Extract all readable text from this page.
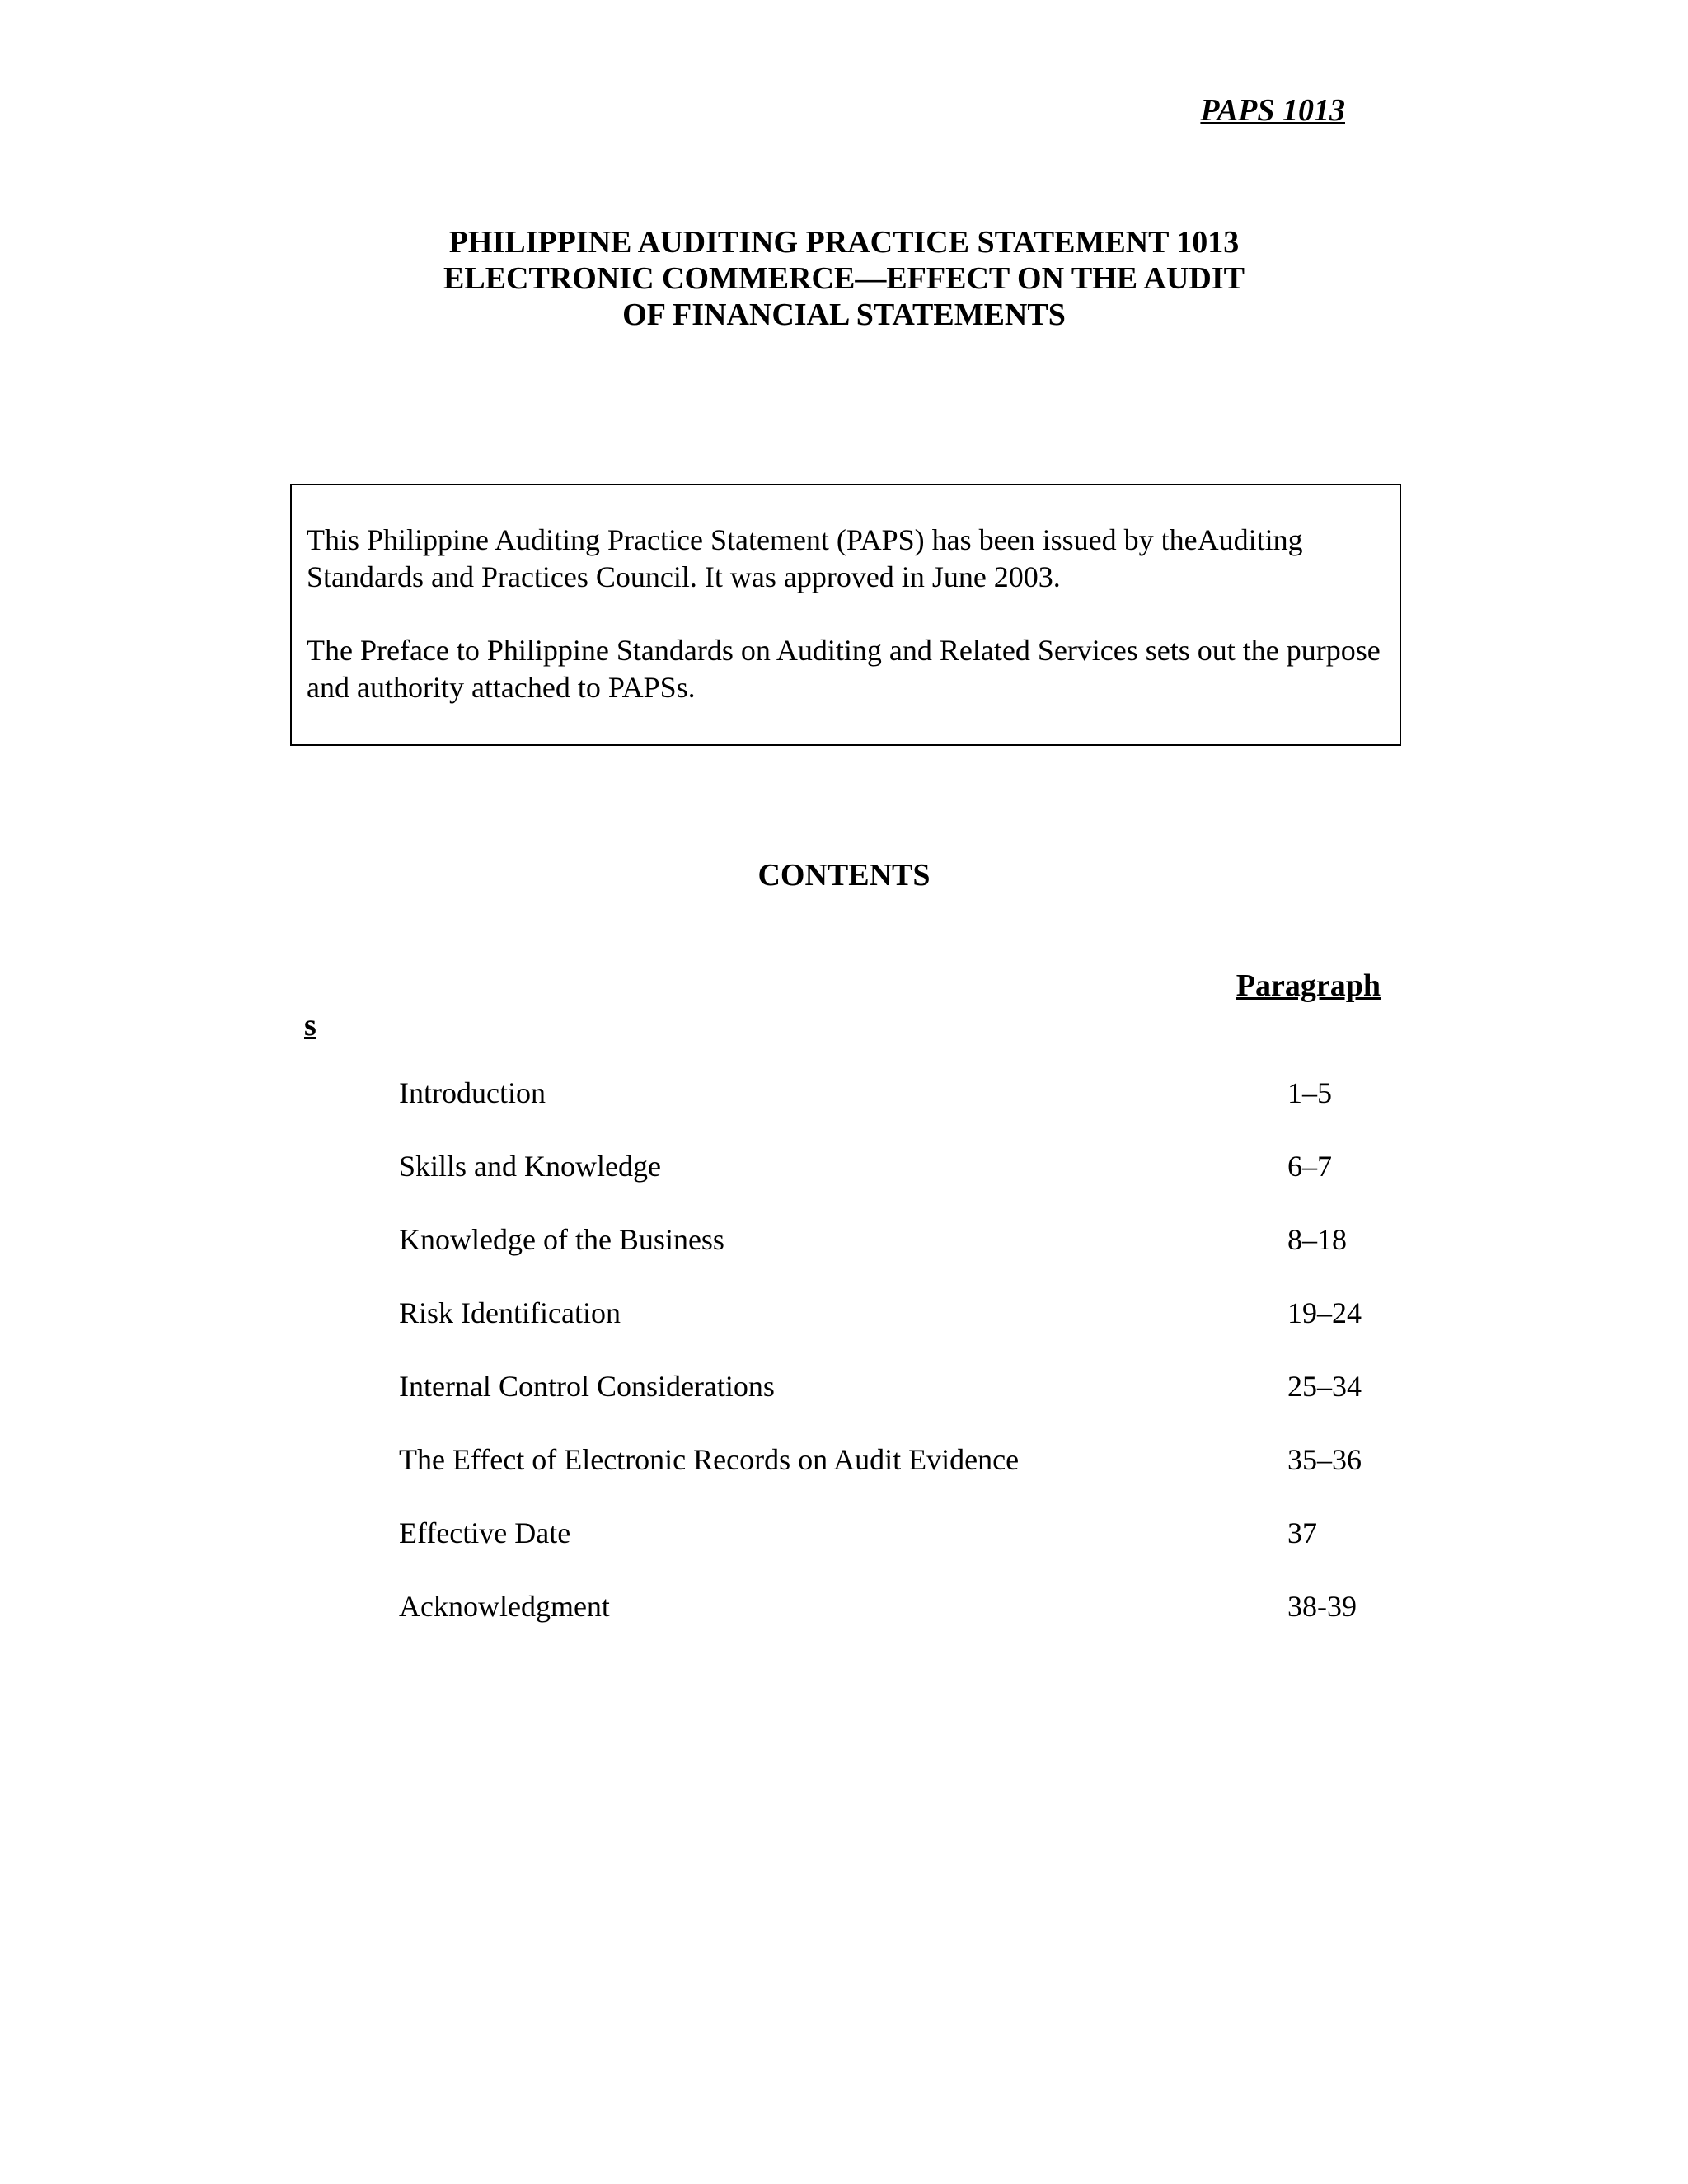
PAPS 1013
PHILIPPINE AUDITING PRACTICE STATEMENT 1013
ELECTRONIC COMMERCE—EFFECT ON THE AUDIT
OF FINANCIAL STATEMENTS

This Philippine Auditing Practice Statement (PAPS) has been issued by theAuditing Standards and Practices Council. It was approved in June 2003.

The Preface to Philippine Standards on Auditing and Related Services sets out the purpose and authority attached to PAPSs.

CONTENTS
Paragraph
s
Introduction	1–5
Skills and Knowledge	6–7
Knowledge of the Business	8–18
Risk Identification	19–24
Internal Control Considerations	25–34
The Effect of Electronic Records on Audit Evidence	35–36
Effective Date	37
Acknowledgment	38-39
